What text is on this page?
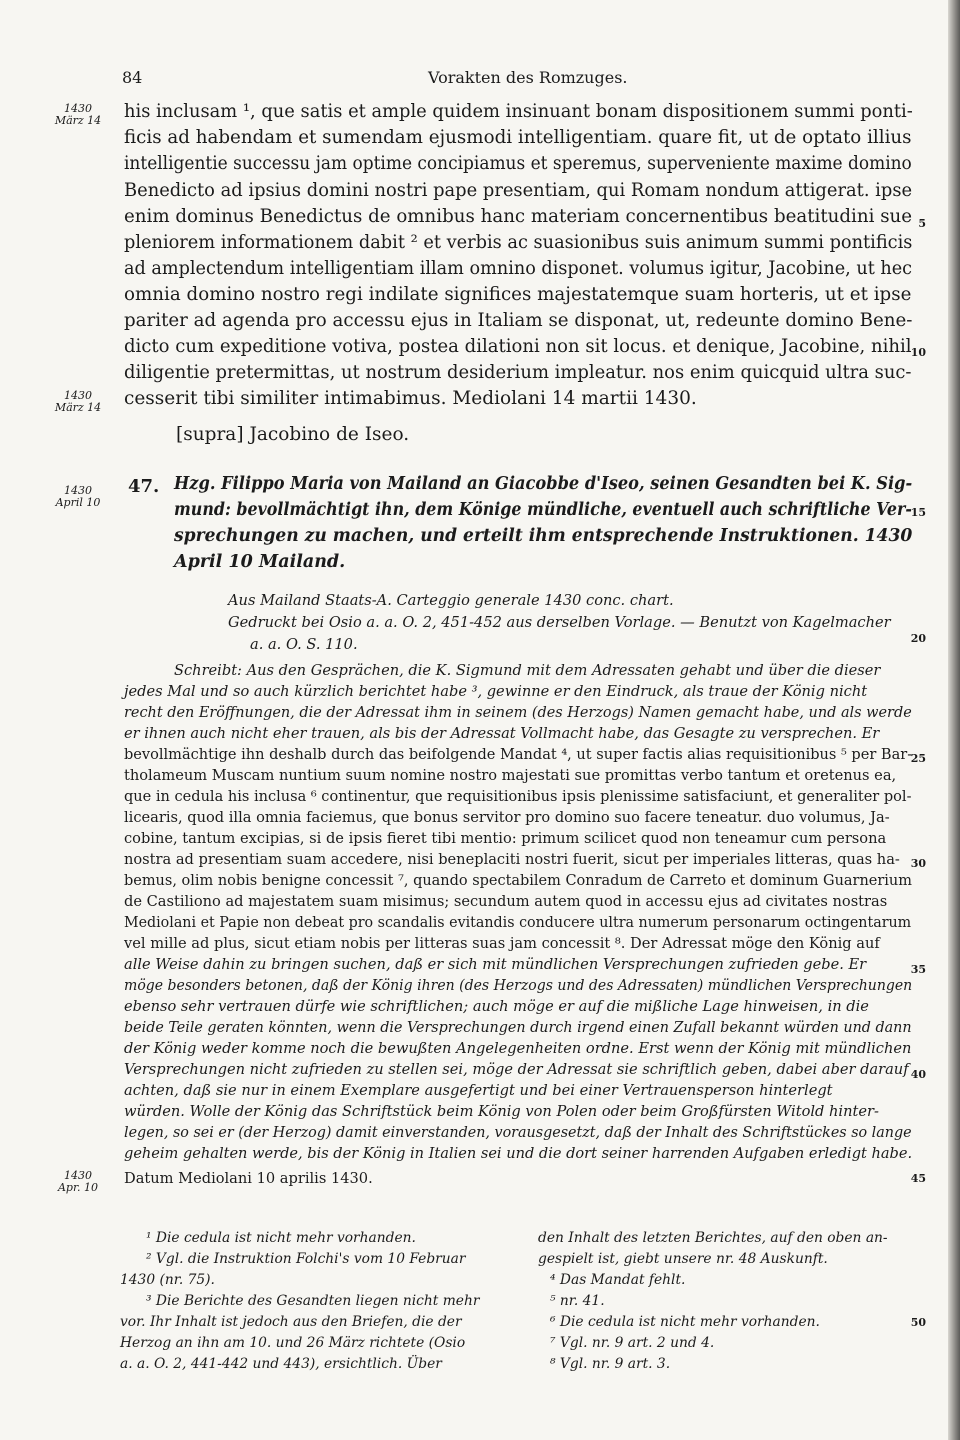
84	Vorakten des Romzuges.
1430
März 14
1430
März 14
1430
April 10
1430
Apr. 10
5
10
15
20
25
30
35
40
45
50
his inclusam ¹, que satis et ample quidem insinuant bonam dispositionem summi ponti-
ficis ad habendam et sumendam ejusmodi intelligentiam. quare fit, ut de optato illius
intelligentie successu jam optime concipiamus et speremus, superveniente maxime domino
Benedicto ad ipsius domini nostri pape presentiam, qui Romam nondum attigerat. ipse
enim dominus Benedictus de omnibus hanc materiam concernentibus beatitudini sue
pleniorem informationem dabit ² et verbis ac suasionibus suis animum summi pontificis
ad amplectendum intelligentiam illam omnino disponet. volumus igitur, Jacobine, ut hec
omnia domino nostro regi indilate significes majestatemque suam horteris, ut et ipse
pariter ad agenda pro accessu ejus in Italiam se disponat, ut, redeunte domino Bene-
dicto cum expeditione votiva, postea dilationi non sit locus. et denique, Jacobine, nihil
diligentie pretermittas, ut nostrum desiderium impleatur. nos enim quicquid ultra suc-
cesserit tibi similiter intimabimus. Mediolani 14 martii 1430.
[supra] Jacobino de Iseo.
47. Hzg. Filippo Maria von Mailand an Giacobbe d'Iseo, seinen Gesandten bei K. Sig-
mund: bevollmächtigt ihn, dem Könige mündliche, eventuell auch schriftliche Ver-
sprechungen zu machen, und erteilt ihm entsprechende Instruktionen. 1430
April 10 Mailand.
Aus Mailand Staats-A. Carteggio generale 1430 conc. chart.
Gedruckt bei Osio a. a. O. 2, 451-452 aus derselben Vorlage. — Benutzt von Kagelmacher
a. a. O. S. 110.
Schreibt: Aus den Gesprächen, die K. Sigmund mit dem Adressaten gehabt und über die dieser
jedes Mal und so auch kürzlich berichtet habe ³, gewinne er den Eindruck, als traue der König nicht
recht den Eröffnungen, die der Adressat ihm in seinem (des Herzogs) Namen gemacht habe, und als werde
er ihnen auch nicht eher trauen, als bis der Adressat Vollmacht habe, das Gesagte zu versprechen. Er
bevollmächtige ihn deshalb durch das beifolgende Mandat ⁴, ut super factis alias requisitionibus ⁵ per Bar-
tholameum Muscam nuntium suum nomine nostro majestati sue promittas verbo tantum et oretenus ea,
que in cedula his inclusa ⁶ continentur, que requisitionibus ipsis plenissime satisfaciunt, et generaliter pol-
licearis, quod illa omnia faciemus, que bonus servitor pro domino suo facere teneatur. duo volumus, Ja-
cobine, tantum excipias, si de ipsis fieret tibi mentio: primum scilicet quod non teneamur cum persona
nostra ad presentiam suam accedere, nisi beneplaciti nostri fuerit, sicut per imperiales litteras, quas ha-
bemus, olim nobis benigne concessit ⁷, quando spectabilem Conradum de Carreto et dominum Guarnerium
de Castiliono ad majestatem suam misimus; secundum autem quod in accessu ejus ad civitates nostras
Mediolani et Papie non debeat pro scandalis evitandis conducere ultra numerum personarum octingentarum
vel mille ad plus, sicut etiam nobis per litteras suas jam concessit ⁸. Der Adressat möge den König auf
alle Weise dahin zu bringen suchen, daß er sich mit mündlichen Versprechungen zufrieden gebe. Er
möge besonders betonen, daß der König ihren (des Herzogs und des Adressaten) mündlichen Versprechungen
ebenso sehr vertrauen dürfe wie schriftlichen; auch möge er auf die mißliche Lage hinweisen, in die
beide Teile geraten könnten, wenn die Versprechungen durch irgend einen Zufall bekannt würden und dann
der König weder komme noch die bewußten Angelegenheiten ordne. Erst wenn der König mit mündlichen
Versprechungen nicht zufrieden zu stellen sei, möge der Adressat sie schriftlich geben, dabei aber darauf
achten, daß sie nur in einem Exemplare ausgefertigt und bei einer Vertrauensperson hinterlegt
würden. Wolle der König das Schriftstück beim König von Polen oder beim Großfürsten Witold hinter-
legen, so sei er (der Herzog) damit einverstanden, vorausgesetzt, daß der Inhalt des Schriftstückes so lange
geheim gehalten werde, bis der König in Italien sei und die dort seiner harrenden Aufgaben erledigt habe.
Datum Mediolani 10 aprilis 1430.
¹ Die cedula ist nicht mehr vorhanden.
² Vgl. die Instruktion Folchi's vom 10 Februar
1430 (nr. 75).
³ Die Berichte des Gesandten liegen nicht mehr
vor. Ihr Inhalt ist jedoch aus den Briefen, die der
Herzog an ihn am 10. und 26 März richtete (Osio
a. a. O. 2, 441-442 und 443), ersichtlich. Über
den Inhalt des letzten Berichtes, auf den oben an-
gespielt ist, giebt unsere nr. 48 Auskunft.
⁴ Das Mandat fehlt.
⁵ nr. 41.
⁶ Die cedula ist nicht mehr vorhanden.
⁷ Vgl. nr. 9 art. 2 und 4.
⁸ Vgl. nr. 9 art. 3.
